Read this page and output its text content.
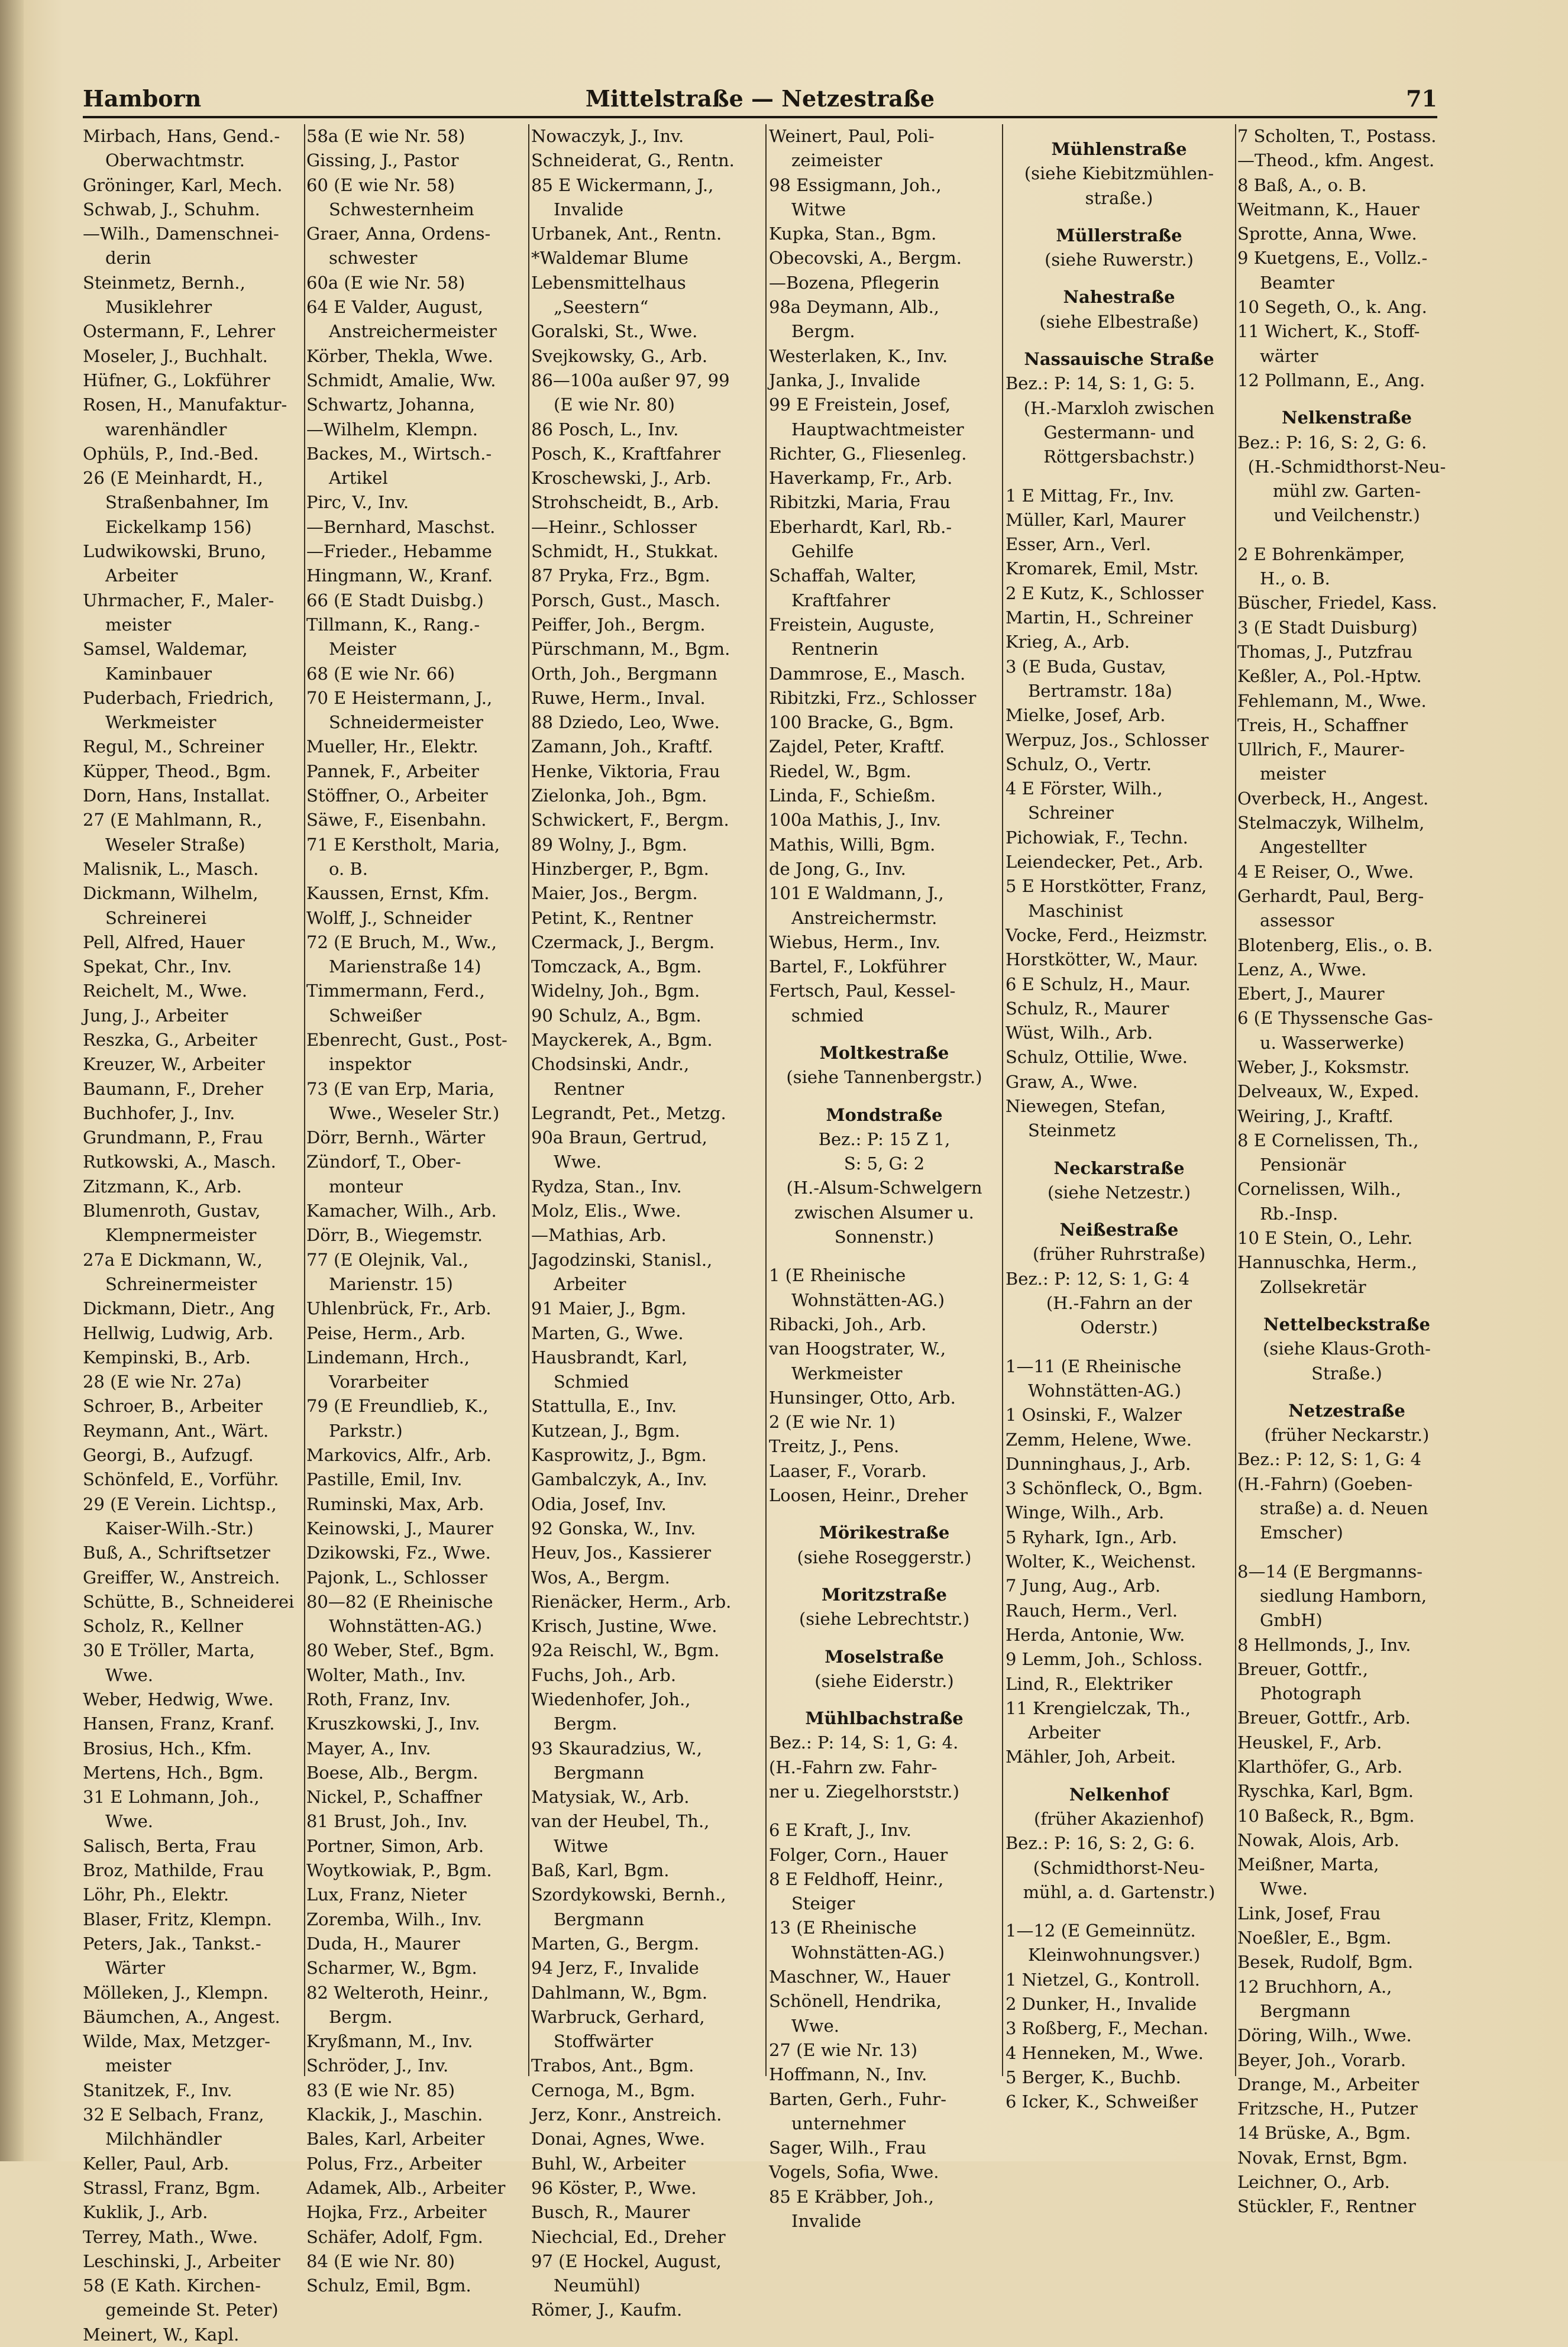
Hamborn	Mittelstraße — Netzestraße	71
Mirbach, Hans, Gend.-
Oberwachtmstr.
Gröninger, Karl, Mech.
Schwab, J., Schuhm.
—Wilh., Damenschnei-
derin
Steinmetz, Bernh.,
Musiklehrer
Ostermann, F., Lehrer
Moseler, J., Buchhalt.
Hüfner, G., Lokführer
Rosen, H., Manufaktur-
warenhändler
Ophüls, P., Ind.-Bed.
26 (E Meinhardt, H.,
Straßenbahner, Im
Eickelkamp 156)
Ludwikowski, Bruno,
Arbeiter
Uhrmacher, F., Maler-
meister
Samsel, Waldemar,
Kaminbauer
Puderbach, Friedrich,
Werkmeister
Regul, M., Schreiner
Küpper, Theod., Bgm.
Dorn, Hans, Installat.
27 (E Mahlmann, R.,
Weseler Straße)
Malisnik, L., Masch.
Dickmann, Wilhelm,
Schreinerei
Pell, Alfred, Hauer
Spekat, Chr., Inv.
Reichelt, M., Wwe.
Jung, J., Arbeiter
Reszka, G., Arbeiter
Kreuzer, W., Arbeiter
Baumann, F., Dreher
Buchhofer, J., Inv.
Grundmann, P., Frau
Rutkowski, A., Masch.
Zitzmann, K., Arb.
Blumenroth, Gustav,
Klempnermeister
27a E Dickmann, W.,
Schreinermeister
Dickmann, Dietr., Ang
Hellwig, Ludwig, Arb.
Kempinski, B., Arb.
28 (E wie Nr. 27a)
Schroer, B., Arbeiter
Reymann, Ant., Wärt.
Georgi, B., Aufzugf.
Schönfeld, E., Vorführ.
29 (E Verein. Lichtsp.,
Kaiser-Wilh.-Str.)
Buß, A., Schriftsetzer
Greiffer, W., Anstreich.
Schütte, B., Schneiderei
Scholz, R., Kellner
30 E Tröller, Marta,
Wwe.
Weber, Hedwig, Wwe.
Hansen, Franz, Kranf.
Brosius, Hch., Kfm.
Mertens, Hch., Bgm.
31 E Lohmann, Joh.,
Wwe.
Salisch, Berta, Frau
Broz, Mathilde, Frau
Löhr, Ph., Elektr.
Blaser, Fritz, Klempn.
Peters, Jak., Tankst.-
Wärter
Mölleken, J., Klempn.
Bäumchen, A., Angest.
Wilde, Max, Metzger-
meister
Stanitzek, F., Inv.
32 E Selbach, Franz,
Milchhändler
Keller, Paul, Arb.
Strassl, Franz, Bgm.
Kuklik, J., Arb.
Terrey, Math., Wwe.
Leschinski, J., Arbeiter
58 (E Kath. Kirchen-
gemeinde St. Peter)
Meinert, W., Kapl.
58a (E wie Nr. 58)
Gissing, J., Pastor
60 (E wie Nr. 58)
Schwesternheim
Graer, Anna, Ordens-
schwester
60a (E wie Nr. 58)
64 E Valder, August,
Anstreichermeister
Körber, Thekla, Wwe.
Schmidt, Amalie, Ww.
Schwartz, Johanna,
—Wilhelm, Klempn.
Backes, M., Wirtsch.-
Artikel
Pirc, V., Inv.
—Bernhard, Maschst.
—Frieder., Hebamme
Hingmann, W., Kranf.
66 (E Stadt Duisbg.)
Tillmann, K., Rang.-
Meister
68 (E wie Nr. 66)
70 E Heistermann, J.,
Schneidermeister
Mueller, Hr., Elektr.
Pannek, F., Arbeiter
Stöffner, O., Arbeiter
Säwe, F., Eisenbahn.
71 E Kerstholt, Maria,
o. B.
Kaussen, Ernst, Kfm.
Wolff, J., Schneider
72 (E Bruch, M., Ww.,
Marienstraße 14)
Timmermann, Ferd.,
Schweißer
Ebenrecht, Gust., Post-
inspektor
73 (E van Erp, Maria,
Wwe., Weseler Str.)
Dörr, Bernh., Wärter
Zündorf, T., Ober-
monteur
Kamacher, Wilh., Arb.
Dörr, B., Wiegemstr.
77 (E Olejnik, Val.,
Marienstr. 15)
Uhlenbrück, Fr., Arb.
Peise, Herm., Arb.
Lindemann, Hrch.,
Vorarbeiter
79 (E Freundlieb, K.,
Parkstr.)
Markovics, Alfr., Arb.
Pastille, Emil, Inv.
Ruminski, Max, Arb.
Keinowski, J., Maurer
Dzikowski, Fz., Wwe.
Pajonk, L., Schlosser
80—82 (E Rheinische
Wohnstätten-AG.)
80 Weber, Stef., Bgm.
Wolter, Math., Inv.
Roth, Franz, Inv.
Kruszkowski, J., Inv.
Mayer, A., Inv.
Boese, Alb., Bergm.
Nickel, P., Schaffner
81 Brust, Joh., Inv.
Portner, Simon, Arb.
Woytkowiak, P., Bgm.
Lux, Franz, Nieter
Zoremba, Wilh., Inv.
Duda, H., Maurer
Scharmer, W., Bgm.
82 Welteroth, Heinr.,
Bergm.
Kryßmann, M., Inv.
Schröder, J., Inv.
83 (E wie Nr. 85)
Klackik, J., Maschin.
Bales, Karl, Arbeiter
Polus, Frz., Arbeiter
Adamek, Alb., Arbeiter
Hojka, Frz., Arbeiter
Schäfer, Adolf, Fgm.
84 (E wie Nr. 80)
Schulz, Emil, Bgm.
Nowaczyk, J., Inv.
Schneiderat, G., Rentn.
85 E Wickermann, J.,
Invalide
Urbanek, Ant., Rentn.
*Waldemar Blume
Lebensmittelhaus
„Seestern“
Goralski, St., Wwe.
Svejkowsky, G., Arb.
86—100a außer 97, 99
(E wie Nr. 80)
86 Posch, L., Inv.
Posch, K., Kraftfahrer
Kroschewski, J., Arb.
Strohscheidt, B., Arb.
—Heinr., Schlosser
Schmidt, H., Stukkat.
87 Pryka, Frz., Bgm.
Porsch, Gust., Masch.
Peiffer, Joh., Bergm.
Pürschmann, M., Bgm.
Orth, Joh., Bergmann
Ruwe, Herm., Inval.
88 Dziedo, Leo, Wwe.
Zamann, Joh., Kraftf.
Henke, Viktoria, Frau
Zielonka, Joh., Bgm.
Schwickert, F., Bergm.
89 Wolny, J., Bgm.
Hinzberger, P., Bgm.
Maier, Jos., Bergm.
Petint, K., Rentner
Czermack, J., Bergm.
Tomczack, A., Bgm.
Widelny, Joh., Bgm.
90 Schulz, A., Bgm.
Mayckerek, A., Bgm.
Chodsinski, Andr.,
Rentner
Legrandt, Pet., Metzg.
90a Braun, Gertrud,
Wwe.
Rydza, Stan., Inv.
Molz, Elis., Wwe.
—Mathias, Arb.
Jagodzinski, Stanisl.,
Arbeiter
91 Maier, J., Bgm.
Marten, G., Wwe.
Hausbrandt, Karl,
Schmied
Stattulla, E., Inv.
Kutzean, J., Bgm.
Kasprowitz, J., Bgm.
Gambalczyk, A., Inv.
Odia, Josef, Inv.
92 Gonska, W., Inv.
Heuv, Jos., Kassierer
Wos, A., Bergm.
Rienäcker, Herm., Arb.
Krisch, Justine, Wwe.
92a Reischl, W., Bgm.
Fuchs, Joh., Arb.
Wiedenhofer, Joh.,
Bergm.
93 Skauradzius, W.,
Bergmann
Matysiak, W., Arb.
van der Heubel, Th.,
Witwe
Baß, Karl, Bgm.
Szordykowski, Bernh.,
Bergmann
Marten, G., Bergm.
94 Jerz, F., Invalide
Dahlmann, W., Bgm.
Warbruck, Gerhard,
Stoffwärter
Trabos, Ant., Bgm.
Cernoga, M., Bgm.
Jerz, Konr., Anstreich.
Donai, Agnes, Wwe.
Buhl, W., Arbeiter
96 Köster, P., Wwe.
Busch, R., Maurer
Niechcial, Ed., Dreher
97 (E Hockel, August,
Neumühl)
Römer, J., Kaufm.
Weinert, Paul, Poli-
zeimeister
98 Essigmann, Joh.,
Witwe
Kupka, Stan., Bgm.
Obecovski, A., Bergm.
—Bozena, Pflegerin
98a Deymann, Alb.,
Bergm.
Westerlaken, K., Inv.
Janka, J., Invalide
99 E Freistein, Josef,
Hauptwachtmeister
Richter, G., Fliesenleg.
Haverkamp, Fr., Arb.
Ribitzki, Maria, Frau
Eberhardt, Karl, Rb.-
Gehilfe
Schaffah, Walter,
Kraftfahrer
Freistein, Auguste,
Rentnerin
Dammrose, E., Masch.
Ribitzki, Frz., Schlosser
100 Bracke, G., Bgm.
Zajdel, Peter, Kraftf.
Riedel, W., Bgm.
Linda, F., Schießm.
100a Mathis, J., Inv.
Mathis, Willi, Bgm.
de Jong, G., Inv.
101 E Waldmann, J.,
Anstreichermstr.
Wiebus, Herm., Inv.
Bartel, F., Lokführer
Fertsch, Paul, Kessel-
schmied
Moltkestraße
(siehe Tannenbergstr.)
Mondstraße
Bez.: P: 15 Z 1,
S: 5, G: 2
(H.-Alsum-Schwelgern
zwischen Alsumer u.
Sonnenstr.)
1 (E Rheinische
Wohnstätten-AG.)
Ribacki, Joh., Arb.
van Hoogstrater, W.,
Werkmeister
Hunsinger, Otto, Arb.
2 (E wie Nr. 1)
Treitz, J., Pens.
Laaser, F., Vorarb.
Loosen, Heinr., Dreher
Mörikestraße
(siehe Roseggerstr.)
Moritzstraße
(siehe Lebrechtstr.)
Moselstraße
(siehe Eiderstr.)
Mühlbachstraße
Bez.: P: 14, S: 1, G: 4.
(H.-Fahrn zw. Fahr-
ner u. Ziegelhorststr.)
6 E Kraft, J., Inv.
Folger, Corn., Hauer
8 E Feldhoff, Heinr.,
Steiger
13 (E Rheinische
Wohnstätten-AG.)
Maschner, W., Hauer
Schönell, Hendrika,
Wwe.
27 (E wie Nr. 13)
Hoffmann, N., Inv.
Barten, Gerh., Fuhr-
unternehmer
Sager, Wilh., Frau
Vogels, Sofia, Wwe.
85 E Kräbber, Joh.,
Invalide
Mühlenstraße
(siehe Kiebitzmühlen-
straße.)
Müllerstraße
(siehe Ruwerstr.)
Nahestraße
(siehe Elbestraße)
Nassauische Straße
Bez.: P: 14, S: 1, G: 5.
(H.-Marxloh zwischen
Gestermann- und
Röttgersbachstr.)
1 E Mittag, Fr., Inv.
Müller, Karl, Maurer
Esser, Arn., Verl.
Kromarek, Emil, Mstr.
2 E Kutz, K., Schlosser
Martin, H., Schreiner
Krieg, A., Arb.
3 (E Buda, Gustav,
Bertramstr. 18a)
Mielke, Josef, Arb.
Werpuz, Jos., Schlosser
Schulz, O., Vertr.
4 E Förster, Wilh.,
Schreiner
Pichowiak, F., Techn.
Leiendecker, Pet., Arb.
5 E Horstkötter, Franz,
Maschinist
Vocke, Ferd., Heizmstr.
Horstkötter, W., Maur.
6 E Schulz, H., Maur.
Schulz, R., Maurer
Wüst, Wilh., Arb.
Schulz, Ottilie, Wwe.
Graw, A., Wwe.
Niewegen, Stefan,
Steinmetz
Neckarstraße
(siehe Netzestr.)
Neißestraße
(früher Ruhrstraße)
Bez.: P: 12, S: 1, G: 4
(H.-Fahrn an der
Oderstr.)
1—11 (E Rheinische
Wohnstätten-AG.)
1 Osinski, F., Walzer
Zemm, Helene, Wwe.
Dunninghaus, J., Arb.
3 Schönfleck, O., Bgm.
Winge, Wilh., Arb.
5 Ryhark, Ign., Arb.
Wolter, K., Weichenst.
7 Jung, Aug., Arb.
Rauch, Herm., Verl.
Herda, Antonie, Ww.
9 Lemm, Joh., Schloss.
Lind, R., Elektriker
11 Krengielczak, Th.,
Arbeiter
Mähler, Joh, Arbeit.
Nelkenhof
(früher Akazienhof)
Bez.: P: 16, S: 2, G: 6.
(Schmidthorst-Neu-
mühl, a. d. Gartenstr.)
1—12 (E Gemeinnütz.
Kleinwohnungsver.)
1 Nietzel, G., Kontroll.
2 Dunker, H., Invalide
3 Roßberg, F., Mechan.
4 Henneken, M., Wwe.
5 Berger, K., Buchb.
6 Icker, K., Schweißer
7 Scholten, T., Postass.
—Theod., kfm. Angest.
8 Baß, A., o. B.
Weitmann, K., Hauer
Sprotte, Anna, Wwe.
9 Kuetgens, E., Vollz.-
Beamter
10 Segeth, O., k. Ang.
11 Wichert, K., Stoff-
wärter
12 Pollmann, E., Ang.
Nelkenstraße
Bez.: P: 16, S: 2, G: 6.
(H.-Schmidthorst-Neu-
mühl zw. Garten-
und Veilchenstr.)
2 E Bohrenkämper,
H., o. B.
Büscher, Friedel, Kass.
3 (E Stadt Duisburg)
Thomas, J., Putzfrau
Keßler, A., Pol.-Hptw.
Fehlemann, M., Wwe.
Treis, H., Schaffner
Ullrich, F., Maurer-
meister
Overbeck, H., Angest.
Stelmaczyk, Wilhelm,
Angestellter
4 E Reiser, O., Wwe.
Gerhardt, Paul, Berg-
assessor
Blotenberg, Elis., o. B.
Lenz, A., Wwe.
Ebert, J., Maurer
6 (E Thyssensche Gas-
u. Wasserwerke)
Weber, J., Koksmstr.
Delveaux, W., Exped.
Weiring, J., Kraftf.
8 E Cornelissen, Th.,
Pensionär
Cornelissen, Wilh.,
Rb.-Insp.
10 E Stein, O., Lehr.
Hannuschka, Herm.,
Zollsekretär
Nettelbeckstraße
(siehe Klaus-Groth-
Straße.)
Netzestraße
(früher Neckarstr.)
Bez.: P: 12, S: 1, G: 4
(H.-Fahrn) (Goeben-
straße) a. d. Neuen
Emscher)
8—14 (E Bergmanns-
siedlung Hamborn,
GmbH)
8 Hellmonds, J., Inv.
Breuer, Gottfr.,
Photograph
Breuer, Gottfr., Arb.
Heuskel, F., Arb.
Klarthöfer, G., Arb.
Ryschka, Karl, Bgm.
10 Baßeck, R., Bgm.
Nowak, Alois, Arb.
Meißner, Marta,
Wwe.
Link, Josef, Frau
Noeßler, E., Bgm.
Besek, Rudolf, Bgm.
12 Bruchhorn, A.,
Bergmann
Döring, Wilh., Wwe.
Beyer, Joh., Vorarb.
Drange, M., Arbeiter
Fritzsche, H., Putzer
14 Brüske, A., Bgm.
Novak, Ernst, Bgm.
Leichner, O., Arb.
Stückler, F., Rentner
